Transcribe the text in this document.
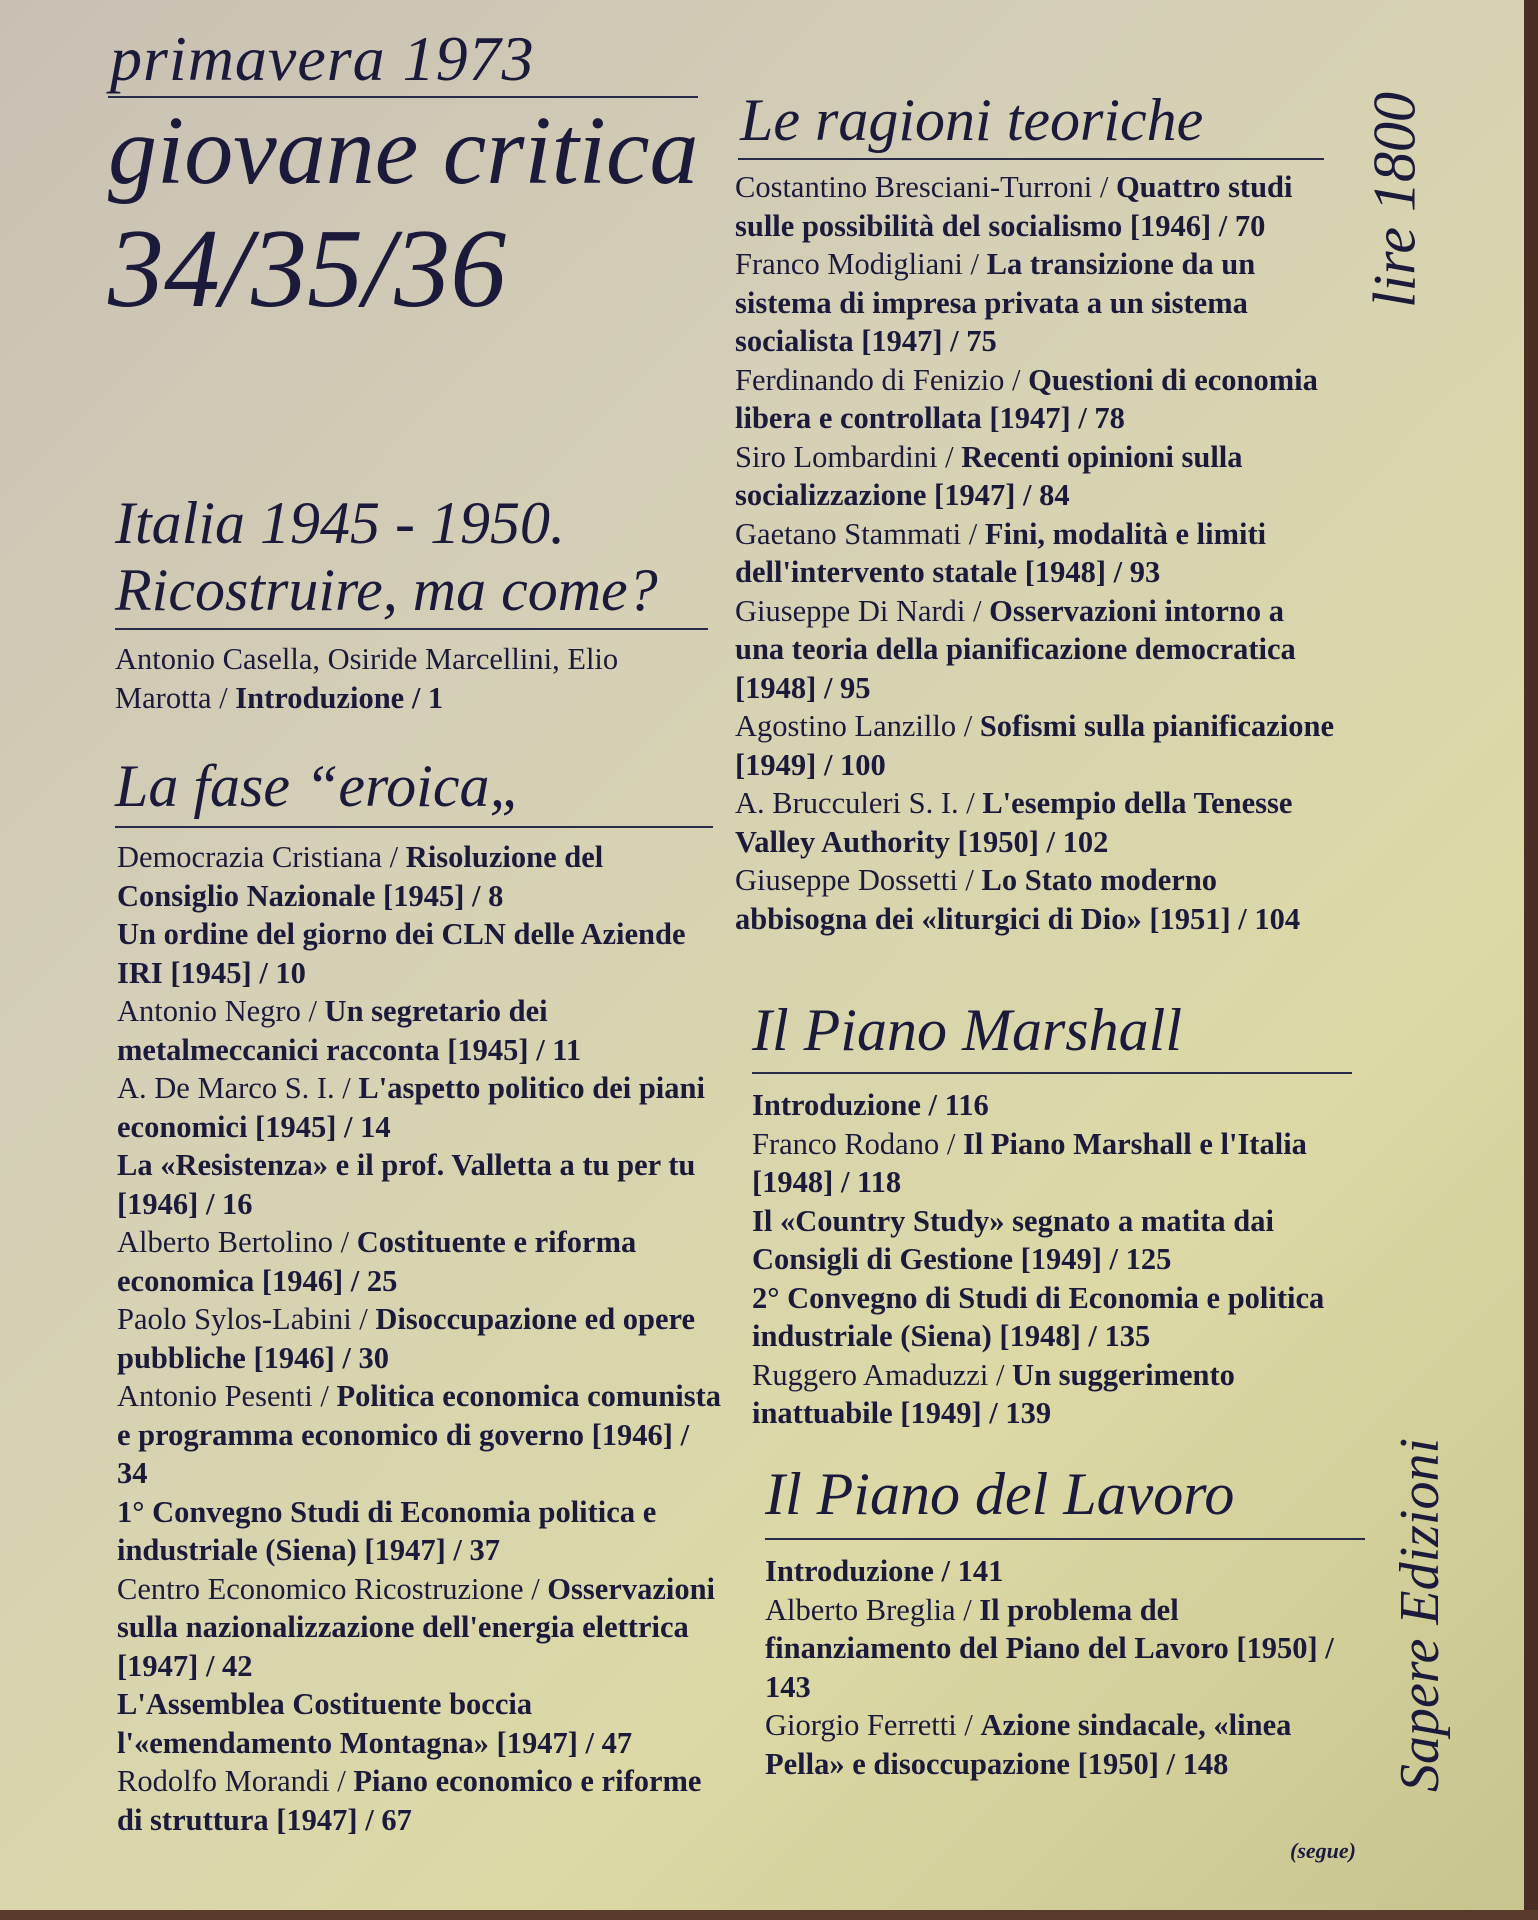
primavera 1973
giovane critica
34/35/36
Italia 1945 - 1950.
Ricostruire, ma come?

Antonio Casella, Osiride Marcellini, Elio Marotta / Introduzione / 1

La fase “eroica„

Democrazia Cristiana / Risoluzione del Consiglio Nazionale [1945] / 8

Un ordine del giorno dei CLN delle Aziende IRI [1945] / 10

Antonio Negro / Un segretario dei metalmeccanici racconta [1945] / 11

A. De Marco S. I. / L'aspetto politico dei piani economici [1945] / 14

La «Resistenza» e il prof. Valletta a tu per tu [1946] / 16

Alberto Bertolino / Costituente e riforma economica [1946] / 25

Paolo Sylos-Labini / Disoccupazione ed opere pubbliche [1946] / 30

Antonio Pesenti / Politica economica comunista e programma economico di governo [1946] / 34

1° Convegno Studi di Economia politica e industriale (Siena) [1947] / 37

Centro Economico Ricostruzione / Osservazioni sulla nazionalizzazione dell'energia elettrica [1947] / 42

L'Assemblea Costituente boccia l'«emendamento Montagna» [1947] / 47

Rodolfo Morandi / Piano economico e riforme di struttura [1947] / 67

Le ragioni teoriche

Costantino Bresciani-Turroni / Quattro studi sulle possibilità del socialismo [1946] / 70

Franco Modigliani / La transizione da un sistema di impresa privata a un sistema socialista [1947] / 75

Ferdinando di Fenizio / Questioni di economia libera e controllata [1947] / 78

Siro Lombardini / Recenti opinioni sulla socializzazione [1947] / 84

Gaetano Stammati / Fini, modalità e limiti dell'intervento statale [1948] / 93

Giuseppe Di Nardi / Osservazioni intorno a una teoria della pianificazione democratica [1948] / 95

Agostino Lanzillo / Sofismi sulla pianificazione [1949] / 100

A. Brucculeri S. I. / L'esempio della Tenesse Valley Authority [1950] / 102

Giuseppe Dossetti / Lo Stato moderno abbisogna dei «liturgici di Dio» [1951] / 104

Il Piano Marshall

Introduzione / 116

Franco Rodano / Il Piano Marshall e l'Italia [1948] / 118

Il «Country Study» segnato a matita dai Consigli di Gestione [1949] / 125

2° Convegno di Studi di Economia e politica industriale (Siena) [1948] / 135

Ruggero Amaduzzi / Un suggerimento inattuabile [1949] / 139

Il Piano del Lavoro

Introduzione / 141

Alberto Breglia / Il problema del finanziamento del Piano del Lavoro [1950] / 143

Giorgio Ferretti / Azione sindacale, «linea Pella» e disoccupazione [1950] / 148

lire 1800
Sapere Edizioni
(segue)
